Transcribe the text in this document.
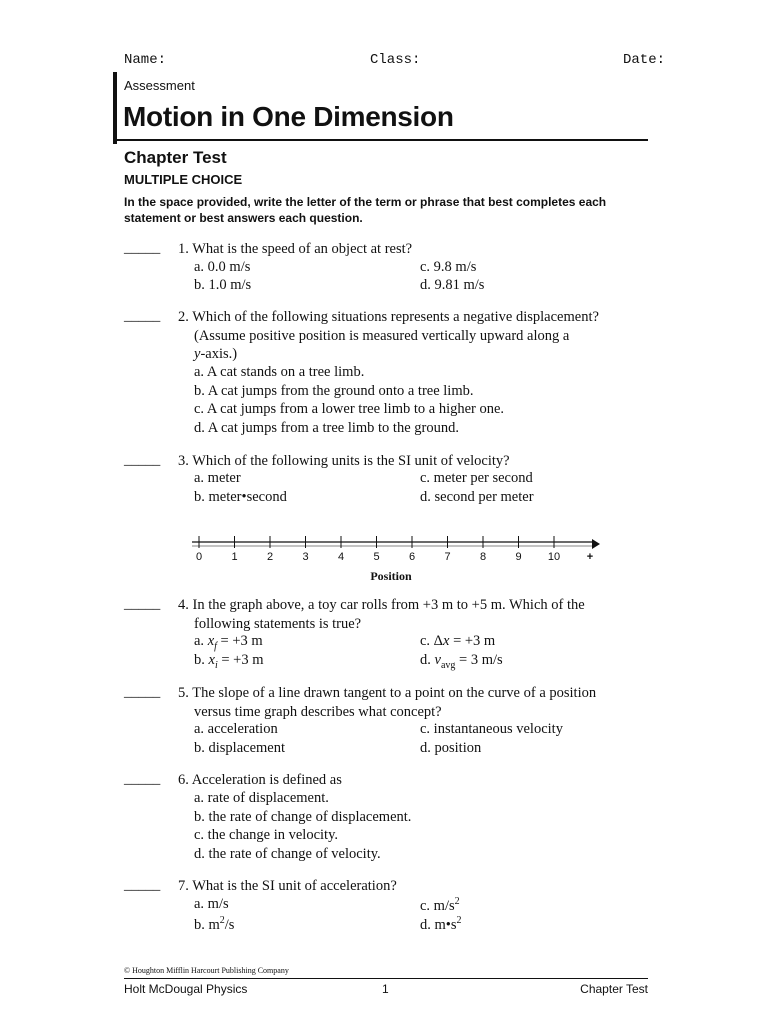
Name:	Class:	Date:
Assessment
Motion in One Dimension
Chapter Test
MULTIPLE CHOICE
In the space provided, write the letter of the term or phrase that best completes each statement or best answers each question.
_____ 1. What is the speed of an object at rest?
a. 0.0 m/s	c. 9.8 m/s
b. 1.0 m/s	d. 9.81 m/s
_____ 2. Which of the following situations represents a negative displacement?
(Assume positive position is measured vertically upward along a
y-axis.)
a. A cat stands on a tree limb.
b. A cat jumps from the ground onto a tree limb.
c. A cat jumps from a lower tree limb to a higher one.
d. A cat jumps from a tree limb to the ground.
_____ 3. Which of the following units is the SI unit of velocity?
a. meter	c. meter per second
b. meter•second	d. second per meter
0	1	2	3	4	5	6	7	8	9 10 +
Position
_____ 4. In the graph above, a toy car rolls from +3 m to +5 m. Which of the
following statements is true?
a. $x_f = +3$ m	c. Δx = +3 m
b. $x_i = +3$ m	d. $v_{avg} = 3$ m/s
_____ 5. The slope of a line drawn tangent to a point on the curve of a position
versus time graph describes what concept?
a. acceleration	c. instantaneous velocity
b. displacement	d. position
_____ 6. Acceleration is defined as
a. rate of displacement.
b. the rate of change of displacement.
c. the change in velocity.
d. the rate of change of velocity.
_____ 7. What is the SI unit of acceleration?
a. m/s	c. $m/s^2$
b. $m^2/s$	d. $m•s^2$
© Houghton Mifflin Harcourt Publishing Company
Holt McDougal Physics	1	Chapter Test
